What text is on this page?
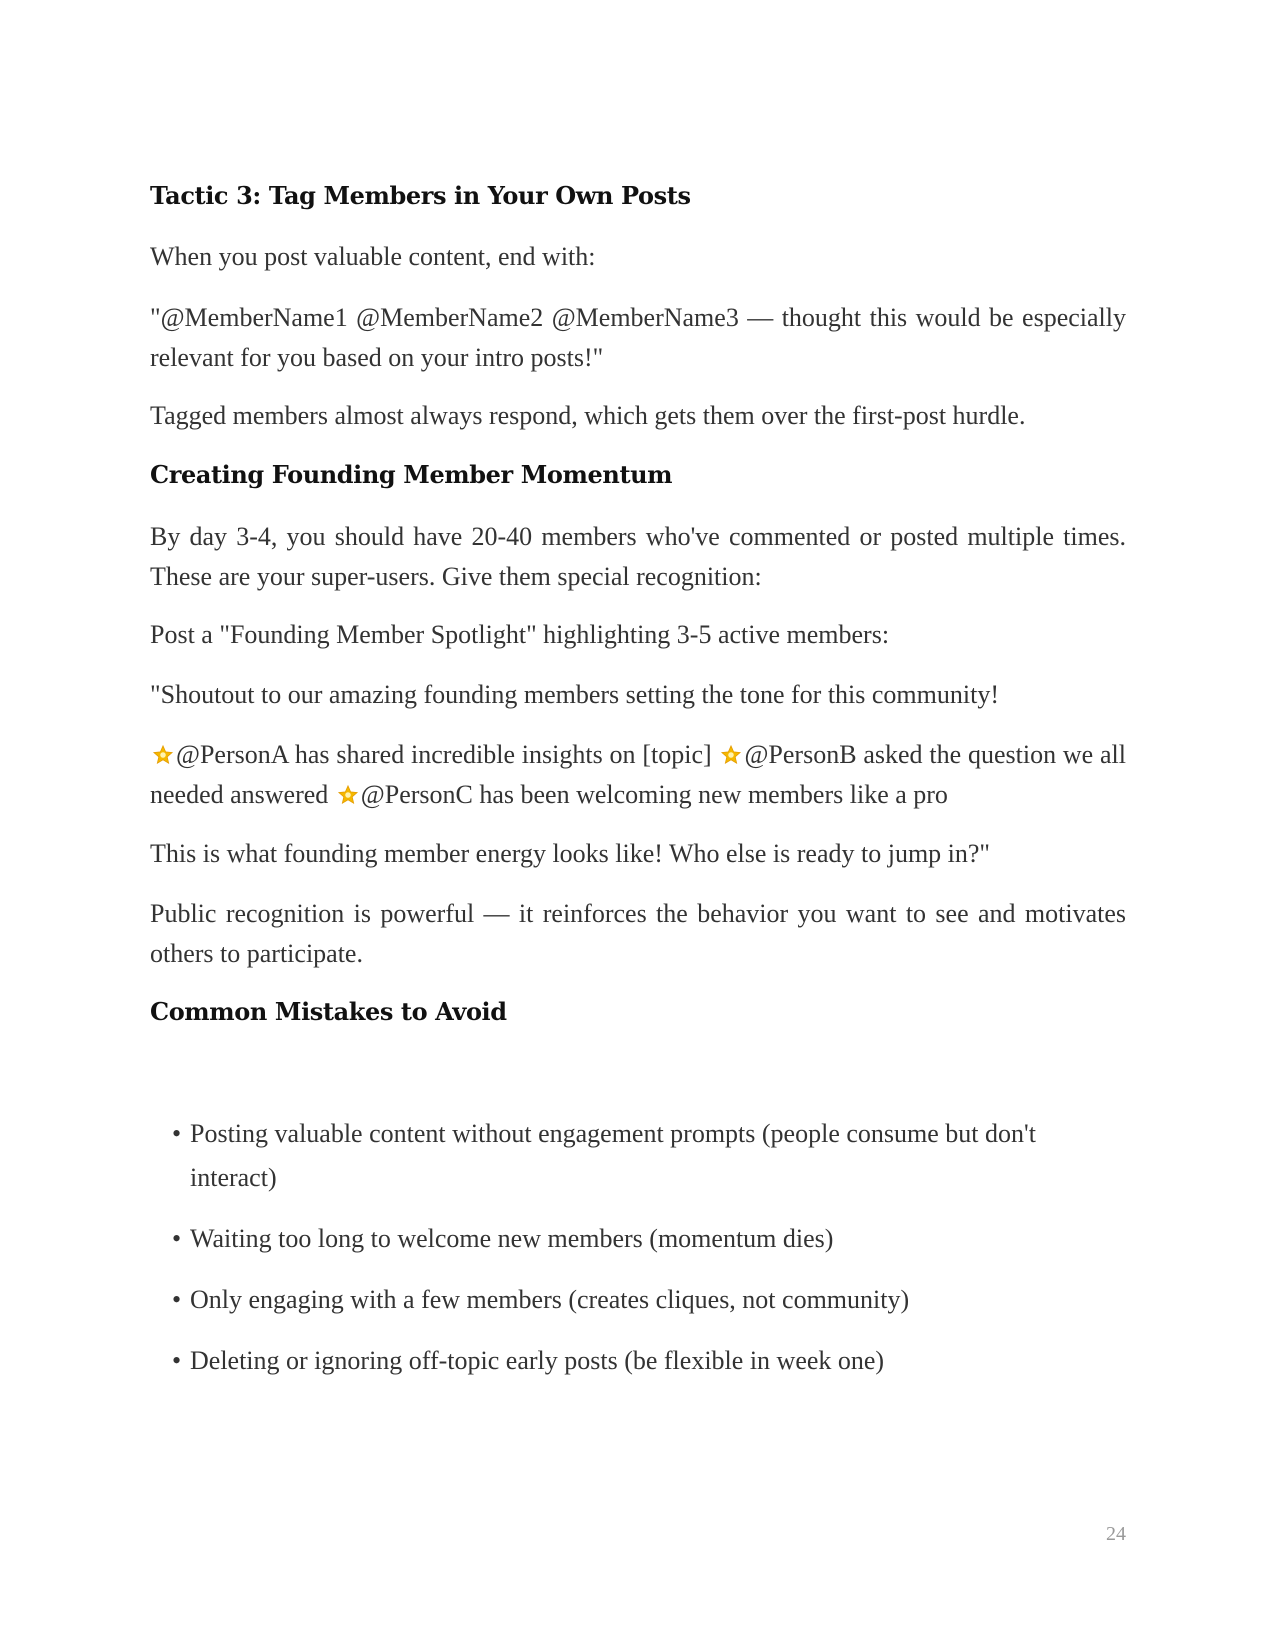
Tactic 3: Tag Members in Your Own Posts

When you post valuable content, end with:

"@MemberName1 @MemberName2 @MemberName3 — thought this would be especially relevant for you based on your intro posts!"

Tagged members almost always respond, which gets them over the first-post hurdle.

Creating Founding Member Momentum

By day 3-4, you should have 20-40 members who've commented or posted multiple times. These are your super-users. Give them special recognition:

Post a "Founding Member Spotlight" highlighting 3-5 active members:

"Shoutout to our amazing founding members setting the tone for this community!

@PersonA has shared incredible insights on [topic] @PersonB asked the question we all needed answered @PersonC has been welcoming new members like a pro

This is what founding member energy looks like! Who else is ready to jump in?"

Public recognition is powerful — it reinforces the behavior you want to see and motivates others to participate.

Common Mistakes to Avoid
• Posting valuable content without engagement prompts (people consume but don't interact)
• Waiting too long to welcome new members (momentum dies)
• Only engaging with a few members (creates cliques, not community)
• Deleting or ignoring off-topic early posts (be flexible in week one)
24
